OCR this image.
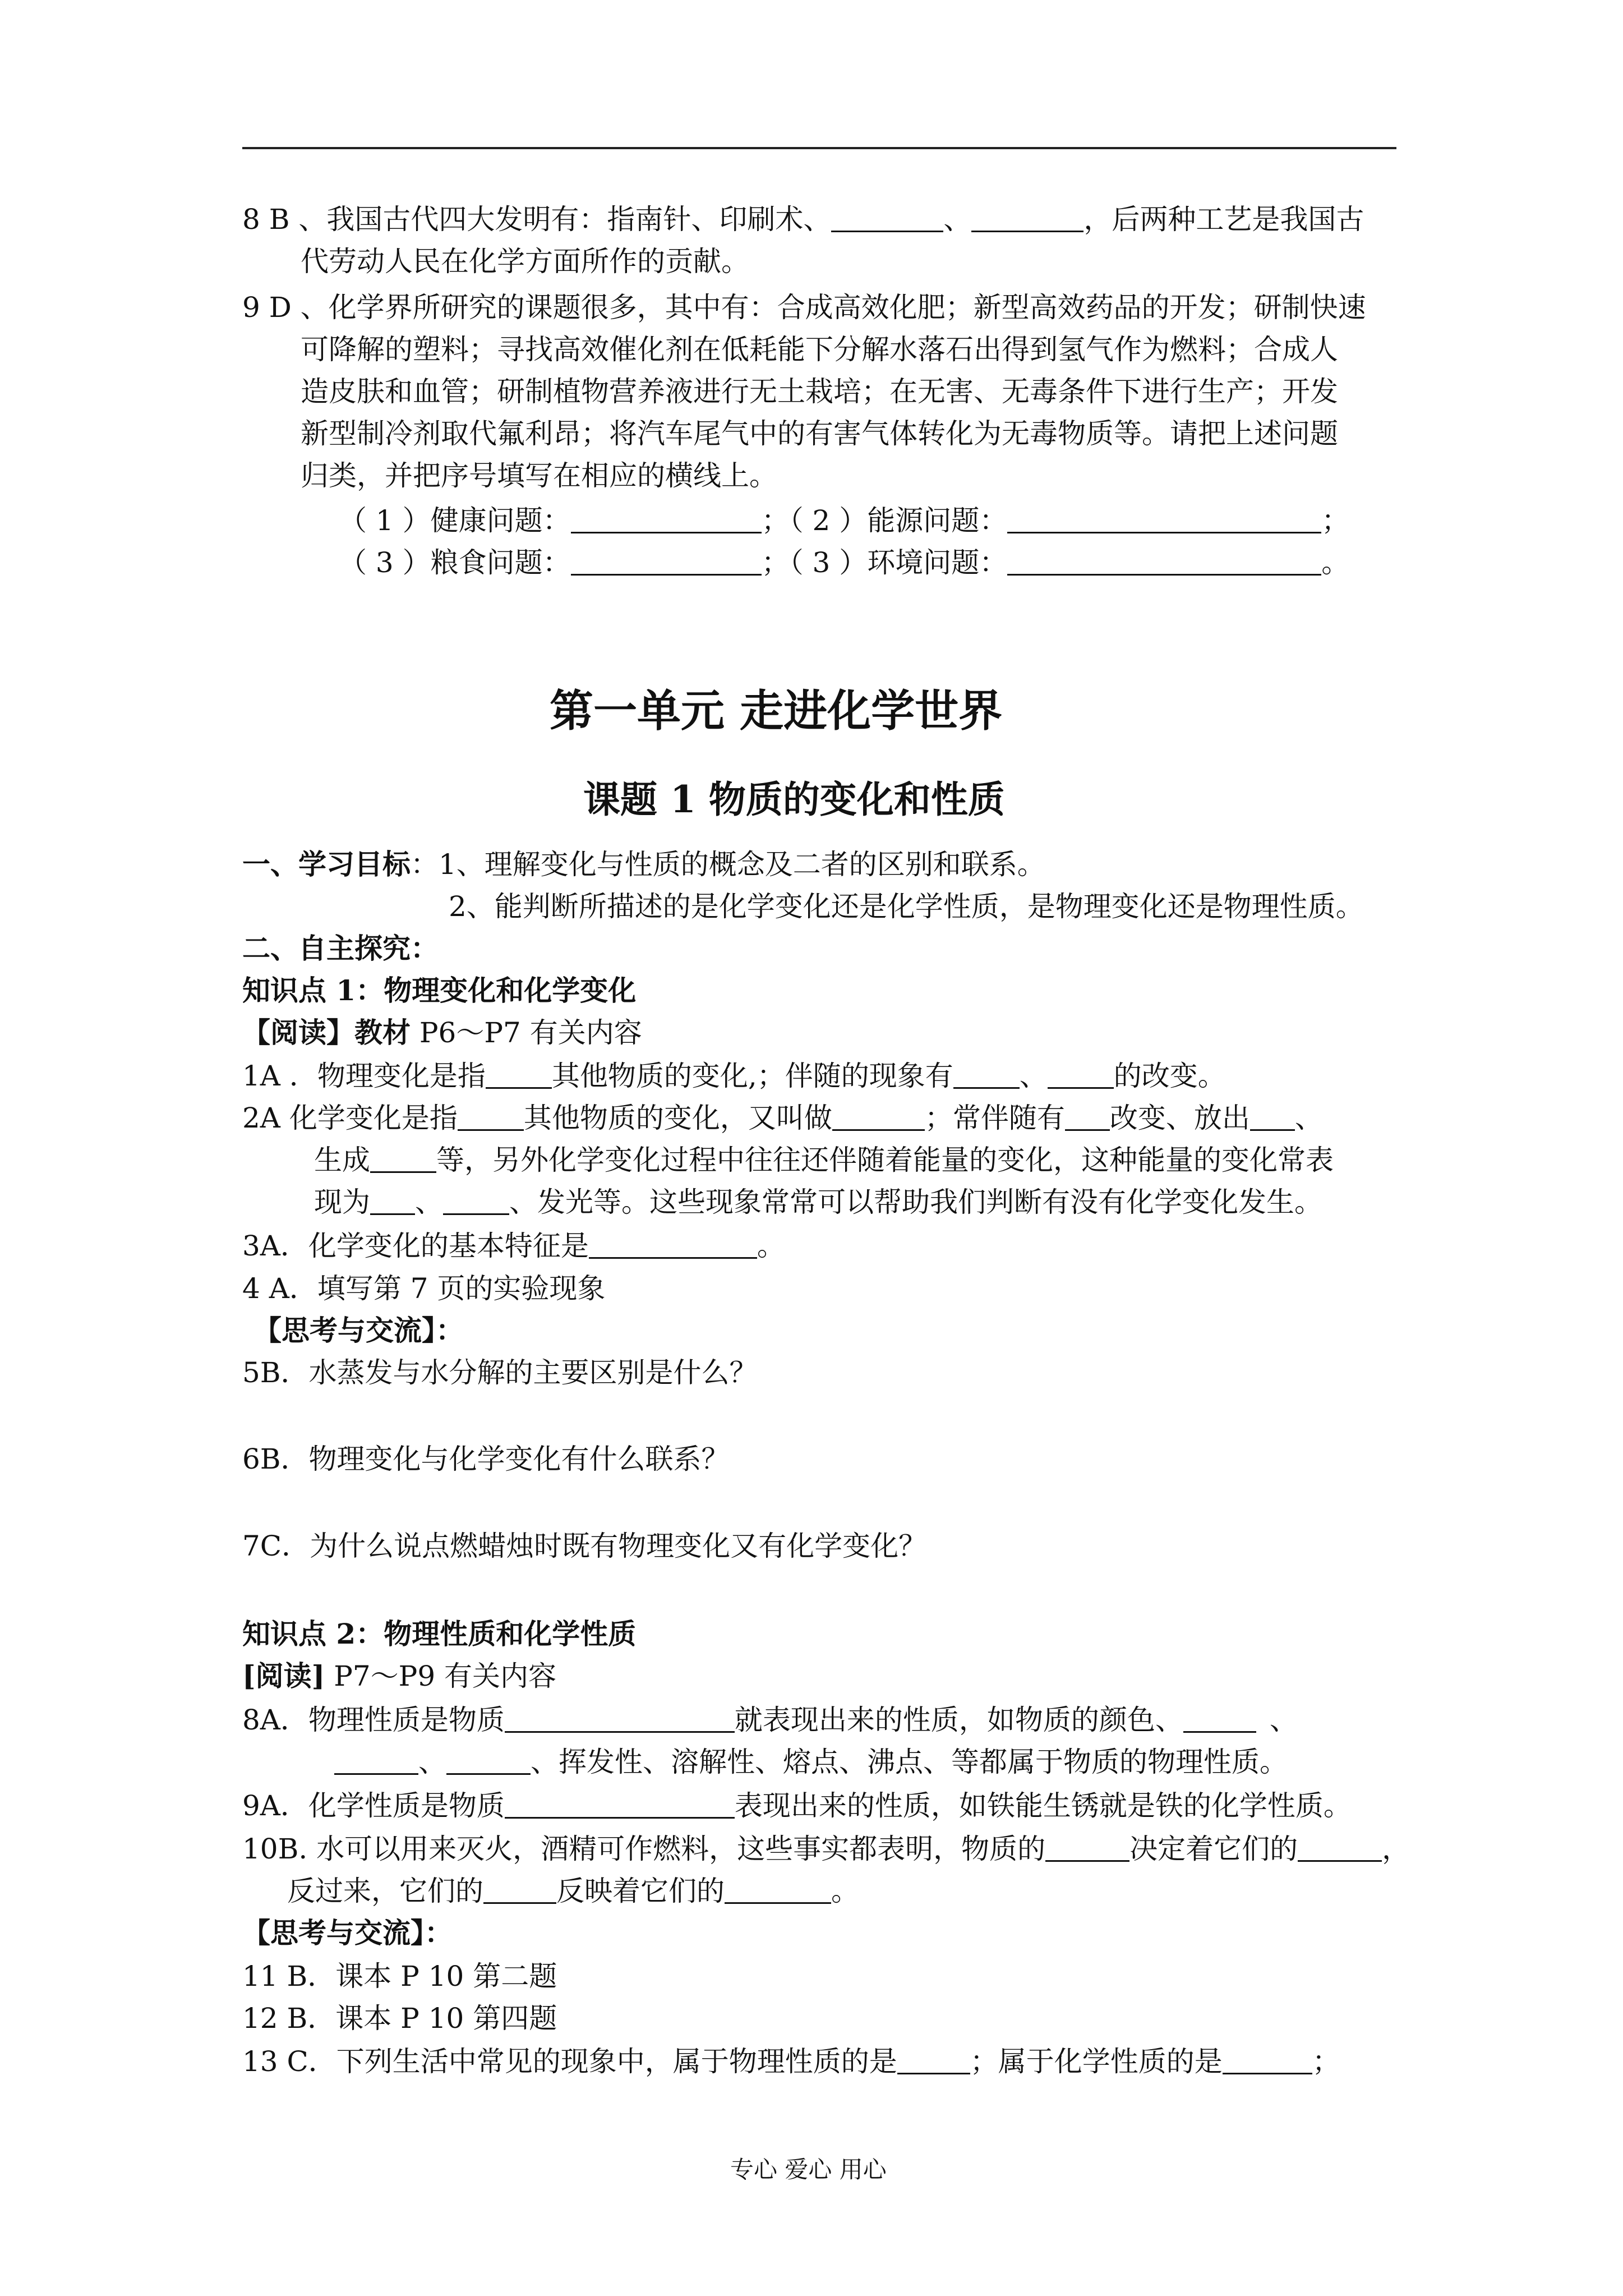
8 B 、我国古代四大发明有：指南针、印刷术、	、	，后两种工艺是我国古
代劳动人民在化学方面所作的贡献。
9 D 、化学界所研究的课题很多，其中有：合成高效化肥；新型高效药品的开发；研制快速
可降解的塑料；寻找高效催化剂在低耗能下分解水落石出得到氢气作为燃料；合成人
造皮肤和血管；研制植物营养液进行无土栽培；在无害、无毒条件下进行生产；开发
新型制冷剂取代氟利昂；将汽车尾气中的有害气体转化为无毒物质等。请把上述问题
归类，并把序号填写在相应的横线上。
（ 1 ）健康问题：	；（ 2 ）能源问题：	；
（ 3 ）粮食问题：	；（ 3 ）环境问题：	。
第一单元 走进化学世界
课题 1 物质的变化和性质
一、学习目标：1、理解变化与性质的概念及二者的区别和联系。
2、能判断所描述的是化学变化还是化学性质，是物理变化还是物理性质。
二、自主探究：
知识点 1：物理变化和化学变化
【阅读】教材 P6～P7 有关内容
1A ．物理变化是指 其他物质的变化,；伴随的现象有 、 的改变。
2A 化学变化是指 其他物质的变化，又叫做	；常伴随有 改变、放出 、
生成 等，另外化学变化过程中往往还伴随着能量的变化，这种能量的变化常表
现为 、 、发光等。这些现象常常可以帮助我们判断有没有化学变化发生。
3A．化学变化的基本特征是	。
4 A．填写第 7 页的实验现象
【思考与交流】：
5B．水蒸发与水分解的主要区别是什么？
6B．物理变化与化学变化有什么联系？
7C．为什么说点燃蜡烛时既有物理变化又有化学变化？
知识点 2：物理性质和化学性质
[阅读] P7～P9 有关内容
8A．物理性质是物质	就表现出来的性质，如物质的颜色、	、
、	、挥发性、溶解性、熔点、沸点、等都属于物质的物理性质。
9A．化学性质是物质	表现出来的性质，如铁能生锈就是铁的化学性质。
10B. 水可以用来灭火，酒精可作燃料，这些事实都表明，物质的	决定着它们的	，
反过来，它们的	反映着它们的	。
【思考与交流】：
11 B．课本 P 10 第二题
12 B．课本 P 10 第四题
13 C．下列生活中常见的现象中，属于物理性质的是	；属于化学性质的是	；
专心 爱心 用心
